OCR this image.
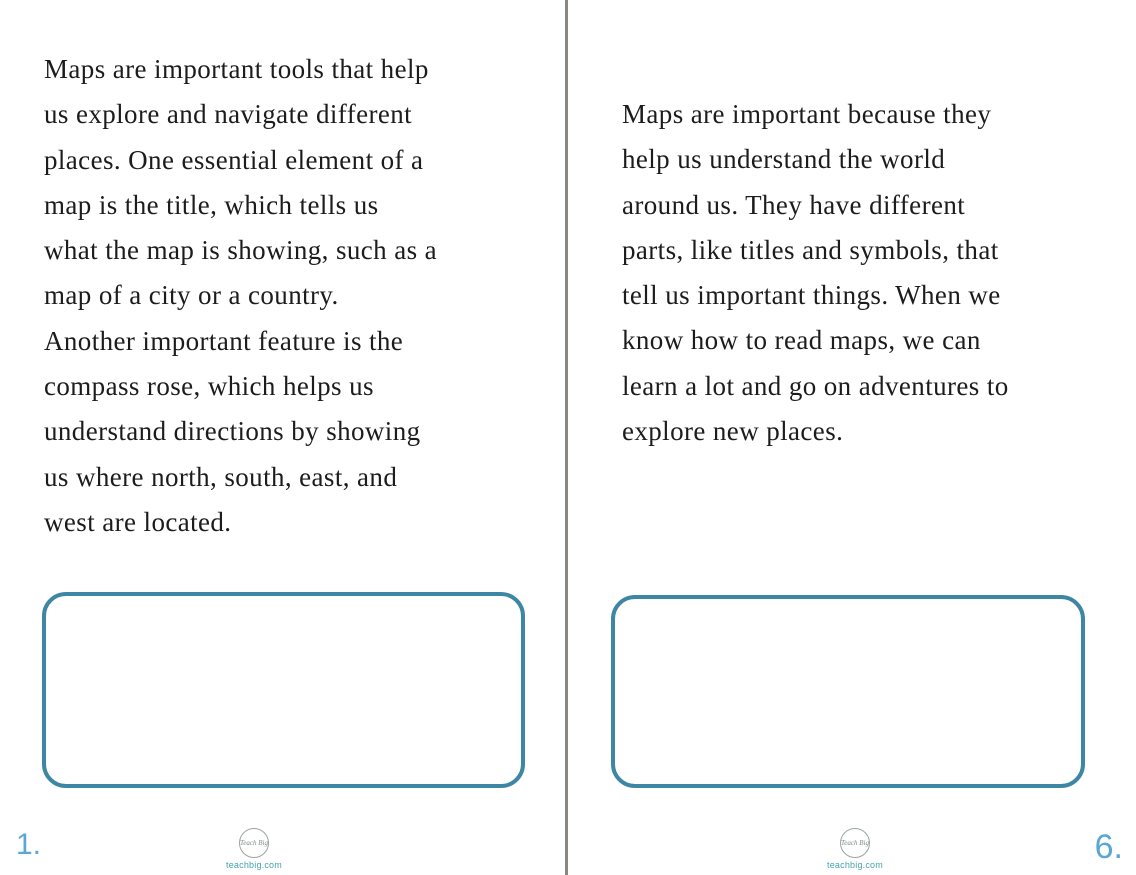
Maps are important tools that help
us explore and navigate different
places. One essential element of a
map is the title, which tells us
what the map is showing, such as a
map of a city or a country.
Another important feature is the
compass rose, which helps us
understand directions by showing
us where north, south, east, and
west are located.
Teach Big
teachbig.com
1.
Maps are important because they
help us understand the world
around us. They have different
parts, like titles and symbols, that
tell us important things. When we
know how to read maps, we can
learn a lot and go on adventures to
explore new places.
Teach Big
teachbig.com	6.
